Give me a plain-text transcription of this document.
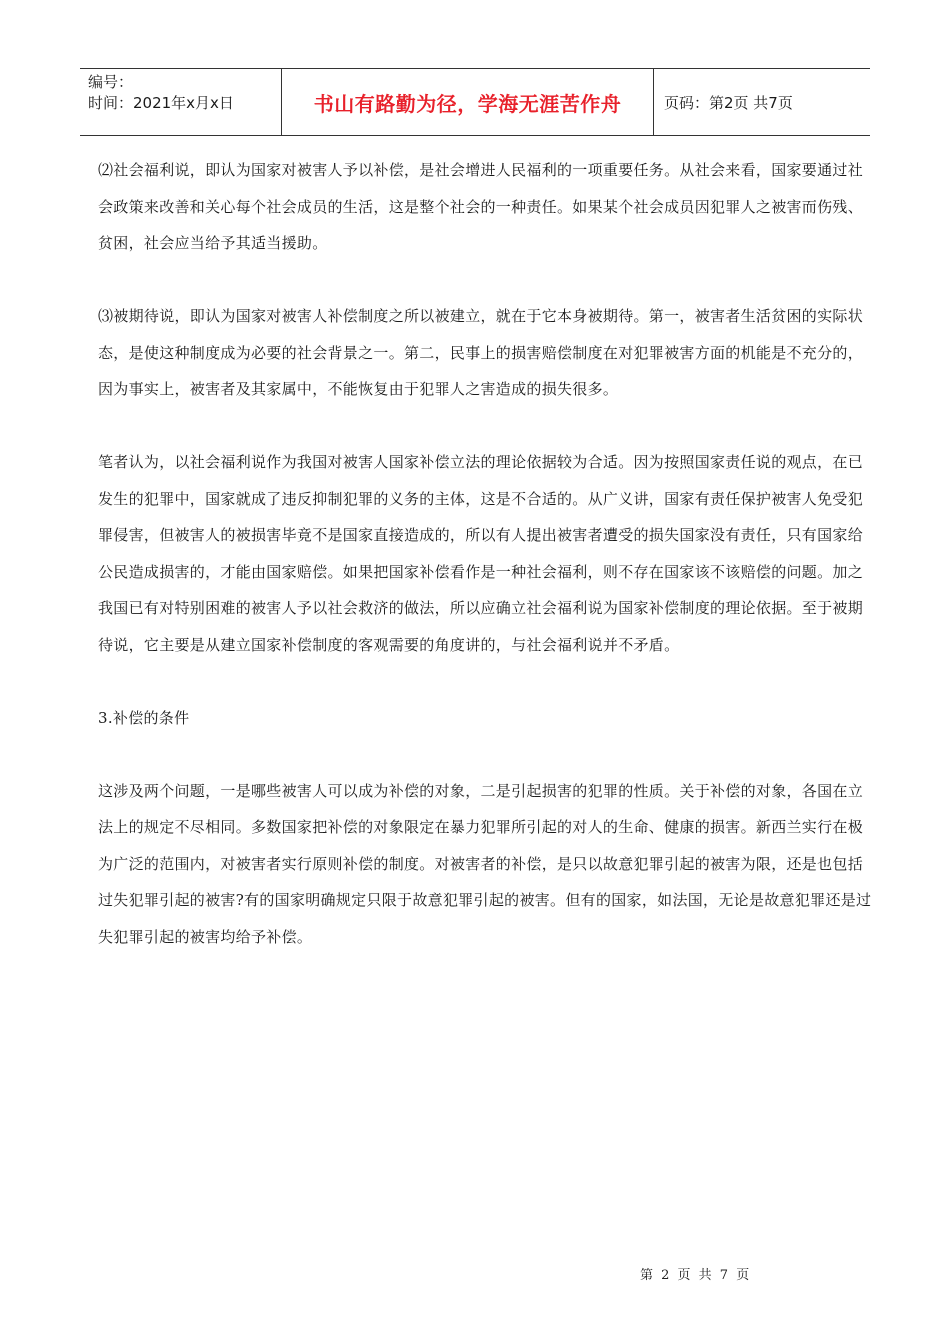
编号：
时间：2021年x月x日	书山有路勤为径，学海无涯苦作舟	页码：第2页 共7页

⑵社会福利说，即认为国家对被害人予以补偿，是社会增进人民福利的一项重要任务。从社会来看，国家要通过社会政策来改善和关心每个社会成员的生活，这是整个社会的一种责任。如果某个社会成员因犯罪人之被害而伤残、贫困，社会应当给予其适当援助。

⑶被期待说，即认为国家对被害人补偿制度之所以被建立，就在于它本身被期待。第一，被害者生活贫困的实际状态，是使这种制度成为必要的社会背景之一。第二，民事上的损害赔偿制度在对犯罪被害方面的机能是不充分的，因为事实上，被害者及其家属中，不能恢复由于犯罪人之害造成的损失很多。

笔者认为，以社会福利说作为我国对被害人国家补偿立法的理论依据较为合适。因为按照国家责任说的观点，在已发生的犯罪中，国家就成了违反抑制犯罪的义务的主体，这是不合适的。从广义讲，国家有责任保护被害人免受犯罪侵害，但被害人的被损害毕竟不是国家直接造成的，所以有人提出被害者遭受的损失国家没有责任，只有国家给公民造成损害的，才能由国家赔偿。如果把国家补偿看作是一种社会福利，则不存在国家该不该赔偿的问题。加之我国已有对特别困难的被害人予以社会救济的做法，所以应确立社会福利说为国家补偿制度的理论依据。至于被期待说，它主要是从建立国家补偿制度的客观需要的角度讲的，与社会福利说并不矛盾。

3.补偿的条件

这涉及两个问题，一是哪些被害人可以成为补偿的对象，二是引起损害的犯罪的性质。关于补偿的对象，各国在立法上的规定不尽相同。多数国家把补偿的对象限定在暴力犯罪所引起的对人的生命、健康的损害。新西兰实行在极为广泛的范围内，对被害者实行原则补偿的制度。对被害者的补偿，是只以故意犯罪引起的被害为限，还是也包括过失犯罪引起的被害?有的国家明确规定只限于故意犯罪引起的被害。但有的国家，如法国，无论是故意犯罪还是过失犯罪引起的被害均给予补偿。

第 2 页 共 7 页
